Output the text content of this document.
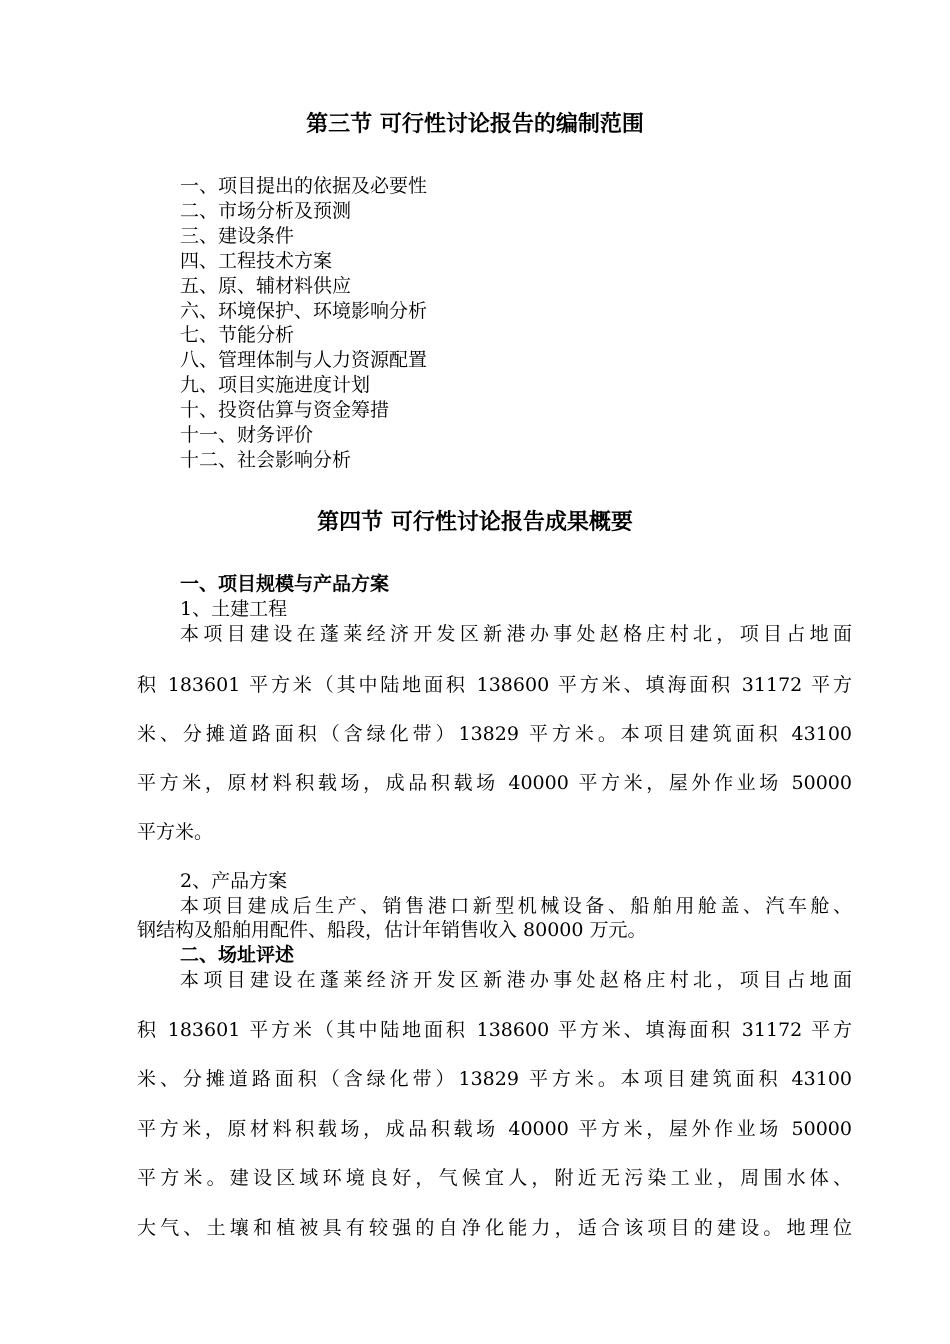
第三节 可行性讨论报告的编制范围
一、项目提出的依据及必要性
二、市场分析及预测
三、建设条件
四、工程技术方案
五、原、辅材料供应
六、环境保护、环境影响分析
七、节能分析
八、管理体制与人力资源配置
九、项目实施进度计划
十、投资估算与资金筹措
十一、财务评价
十二、社会影响分析
第四节 可行性讨论报告成果概要
一、项目规模与产品方案
1、土建工程
本项目建设在蓬莱经济开发区新港办事处赵格庄村北，项目占地面
积 183601 平方米（其中陆地面积 138600 平方米、填海面积 31172 平方
米、分摊道路面积（含绿化带）13829 平方米。本项目建筑面积 43100
平方米，原材料积载场，成品积载场 40000 平方米，屋外作业场 50000
平方米。
2、产品方案
本项目建成后生产、销售港口新型机械设备、船舶用舱盖、汽车舱、
钢结构及船舶用配件、船段，估计年销售收入 80000 万元。
二、场址评述
本项目建设在蓬莱经济开发区新港办事处赵格庄村北，项目占地面
积 183601 平方米（其中陆地面积 138600 平方米、填海面积 31172 平方
米、分摊道路面积（含绿化带）13829 平方米。本项目建筑面积 43100
平方米，原材料积载场，成品积载场 40000 平方米，屋外作业场 50000
平方米。建设区域环境良好，气候宜人，附近无污染工业，周围水体、
大气、土壤和植被具有较强的自净化能力，适合该项目的建设。地理位
